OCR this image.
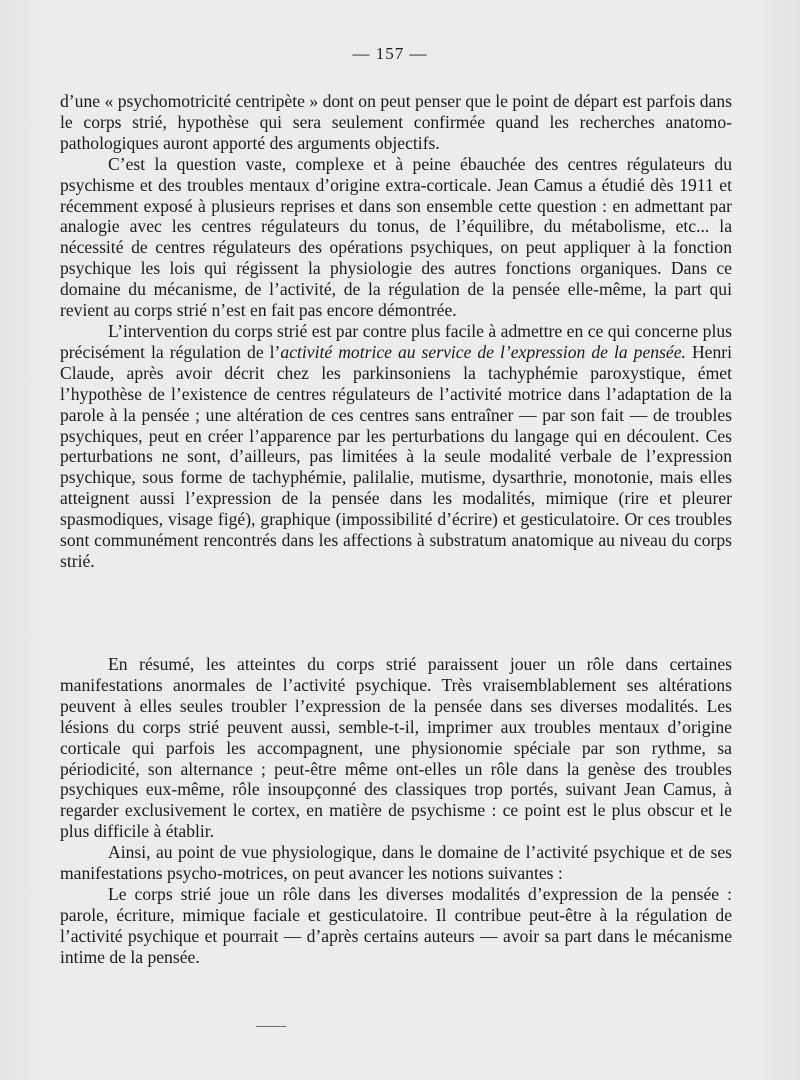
— 157 —

d’une « psychomotricité centripète » dont on peut penser que le point de départ est parfois dans le corps strié, hypothèse qui sera seulement confirmée quand les recherches anatomo-pathologiques auront apporté des arguments objectifs.

C’est la question vaste, complexe et à peine ébauchée des centres régulateurs du psychisme et des troubles mentaux d’origine extra-corticale. Jean Camus a étudié dès 1911 et récemment exposé à plusieurs reprises et dans son ensemble cette question : en admettant par analogie avec les centres régulateurs du tonus, de l’équilibre, du métabolisme, etc... la nécessité de centres régulateurs des opérations psychiques, on peut appliquer à la fonction psychique les lois qui régissent la physiologie des autres fonctions organiques. Dans ce domaine du mécanisme, de l’activité, de la régulation de la pensée elle-même, la part qui revient au corps strié n’est en fait pas encore démontrée.

L’intervention du corps strié est par contre plus facile à admettre en ce qui concerne plus précisément la régulation de l’activité motrice au service de l’expression de la pensée. Henri Claude, après avoir décrit chez les parkinsoniens la tachyphémie paroxystique, émet l’hypothèse de l’existence de centres régulateurs de l’activité motrice dans l’adaptation de la parole à la pensée ; une altération de ces centres sans entraîner — par son fait — de troubles psychiques, peut en créer l’apparence par les perturbations du langage qui en découlent. Ces perturbations ne sont, d’ailleurs, pas limitées à la seule modalité verbale de l’expression psychique, sous forme de tachyphémie, palilalie, mutisme, dysarthrie, monotonie, mais elles atteignent aussi l’expression de la pensée dans les modalités, mimique (rire et pleurer spasmodiques, visage figé), graphique (impossibilité d’écrire) et gesticulatoire. Or ces troubles sont communément rencontrés dans les affections à substratum anatomique au niveau du corps strié.

En résumé, les atteintes du corps strié paraissent jouer un rôle dans certaines manifestations anormales de l’activité psychique. Très vraisemblablement ses altérations peuvent à elles seules troubler l’expression de la pensée dans ses diverses modalités. Les lésions du corps strié peuvent aussi, semble-t-il, imprimer aux troubles mentaux d’origine corticale qui parfois les accompagnent, une physionomie spéciale par son rythme, sa périodicité, son alternance ; peut-être même ont-elles un rôle dans la genèse des troubles psychiques eux-même, rôle insoupçonné des classiques trop portés, suivant Jean Camus, à regarder exclusivement le cortex, en matière de psychisme : ce point est le plus obscur et le plus difficile à établir.

Ainsi, au point de vue physiologique, dans le domaine de l’activité psychique et de ses manifestations psycho-motrices, on peut avancer les notions suivantes :

Le corps strié joue un rôle dans les diverses modalités d’expression de la pensée : parole, écriture, mimique faciale et gesticulatoire. Il contribue peut-être à la régulation de l’activité psychique et pourrait — d’après certains auteurs — avoir sa part dans le mécanisme intime de la pensée.
